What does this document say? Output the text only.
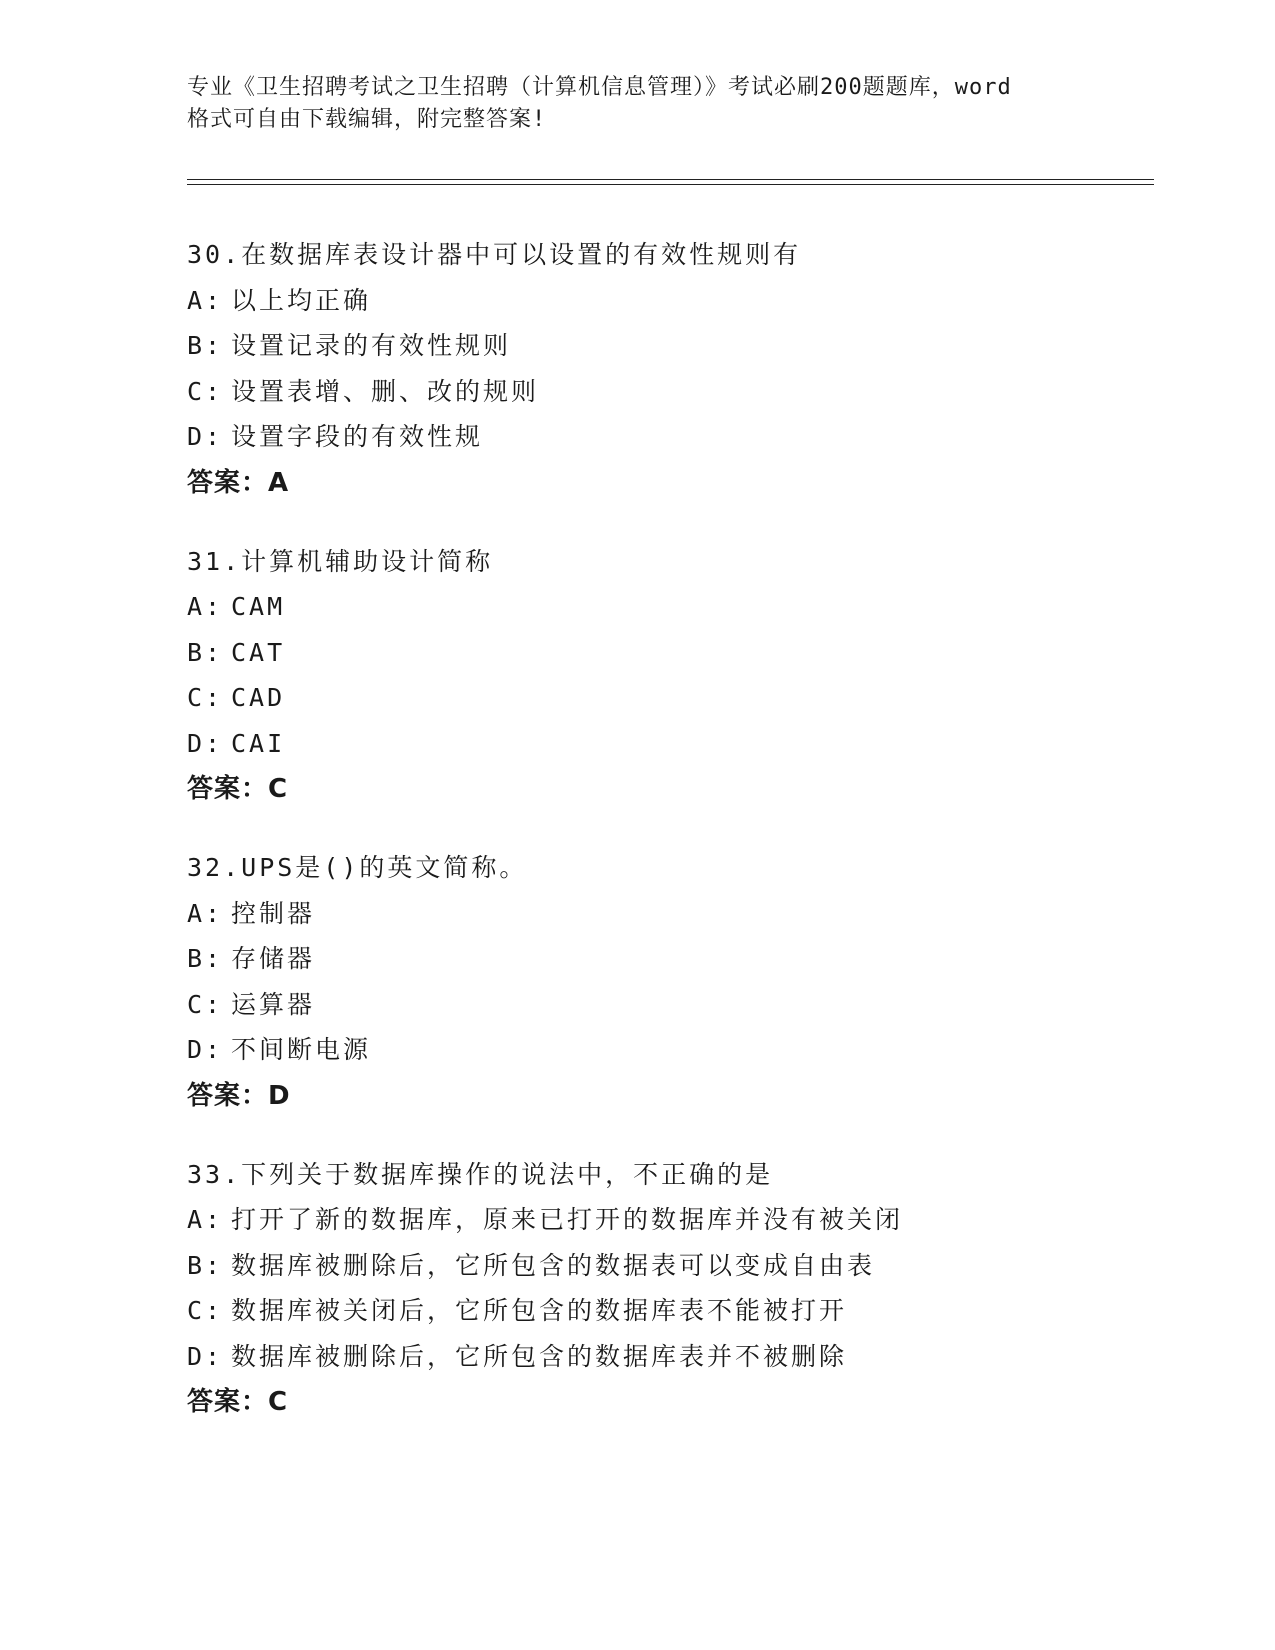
专业《卫生招聘考试之卫生招聘（计算机信息管理）》考试必刷200题题库，word
格式可自由下载编辑，附完整答案!
30.在数据库表设计器中可以设置的有效性规则有
A: 以上均正确
B: 设置记录的有效性规则
C: 设置表增、删、改的规则
D: 设置字段的有效性规
答案：A
31.计算机辅助设计简称
A: CAM
B: CAT
C: CAD
D: CAI
答案：C
32.UPS是()的英文简称。
A: 控制器
B: 存储器
C: 运算器
D: 不间断电源
答案：D
33.下列关于数据库操作的说法中，不正确的是
A: 打开了新的数据库，原来已打开的数据库并没有被关闭
B: 数据库被删除后，它所包含的数据表可以变成自由表
C: 数据库被关闭后，它所包含的数据库表不能被打开
D: 数据库被删除后，它所包含的数据库表并不被删除
答案：C
